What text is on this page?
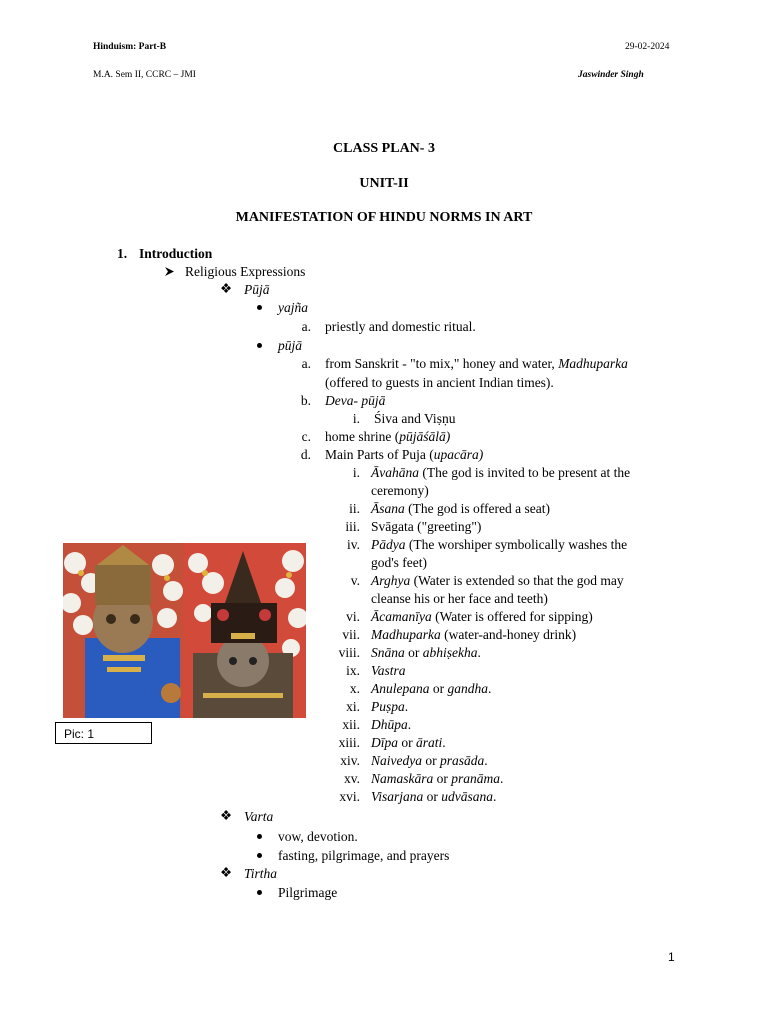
Hinduism: Part-B	29-02-2024
M.A. Sem II, CCRC – JMI	Jaswinder Singh
CLASS PLAN- 3
UNIT-II
MANIFESTATION OF HINDU NORMS IN ART
1. Introduction
Religious Expressions
❖ Pūjā
yajña
a. priestly and domestic ritual.
pūjā
a. from Sanskrit - "to mix," honey and water, Madhuparka
(offered to guests in ancient Indian times).
b. Deva- pūjā
i. Śiva and Viṣṇu
c. home shrine (pūjāśālā)
d. Main Parts of Puja (upacāra)
i. Āvahāna (The god is invited to be present at the
ceremony)
ii. Āsana (The god is offered a seat)
iii. Svāgata ("greeting")
iv. Pādya (The worshiper symbolically washes the
god's feet)
v. Arghya (Water is extended so that the god may
cleanse his or her face and teeth)
vi. Ācamanīya (Water is offered for sipping)
vii. Madhuparka (water-and-honey drink)
viii. Snāna or abhiṣekha.
ix. Vastra
x. Anulepana or gandha.
xi. Puṣpa.
xii. Dhūpa.
xiii. Dīpa or ārati.
xiv. Naivedya or prasāda.
xv. Namaskāra or pranāma.
xvi. Visarjana or udvāsana.
❖ Varta
vow, devotion.
fasting, pilgrimage, and prayers
❖ Tirtha
Pilgrimage
Pic: 1
1
